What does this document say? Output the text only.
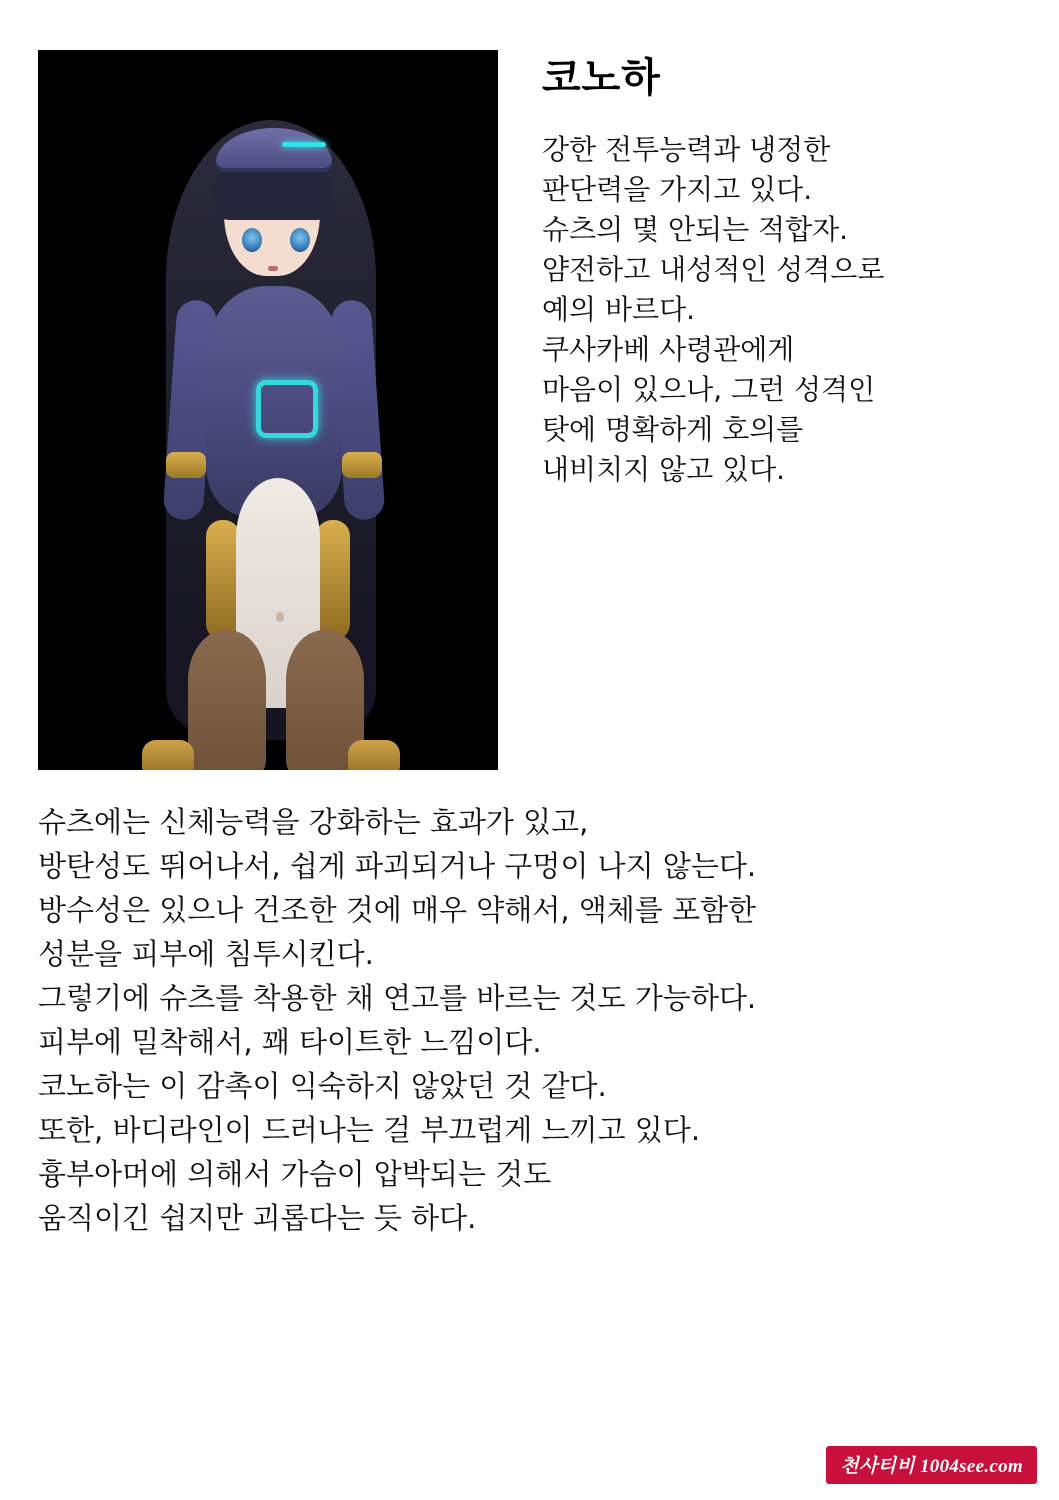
코노하

강한 전투능력과 냉정한

판단력을 가지고 있다.

슈츠의 몇 안되는 적합자.

얌전하고 내성적인 성격으로

예의 바르다.

쿠사카베 사령관에게

마음이 있으나, 그런 성격인

탓에 명확하게 호의를

내비치지 않고 있다.

슈츠에는 신체능력을 강화하는 효과가 있고,

방탄성도 뛰어나서, 쉽게 파괴되거나 구멍이 나지 않는다.

방수성은 있으나 건조한 것에 매우 약해서, 액체를 포함한

성분을 피부에 침투시킨다.

그렇기에 슈츠를 착용한 채 연고를 바르는 것도 가능하다.

피부에 밀착해서, 꽤 타이트한 느낌이다.

코노하는 이 감촉이 익숙하지 않았던 것 같다.

또한, 바디라인이 드러나는 걸 부끄럽게 느끼고 있다.

흉부아머에 의해서 가슴이 압박되는 것도

움직이긴 쉽지만 괴롭다는 듯 하다.

천사티비 1004see.com
